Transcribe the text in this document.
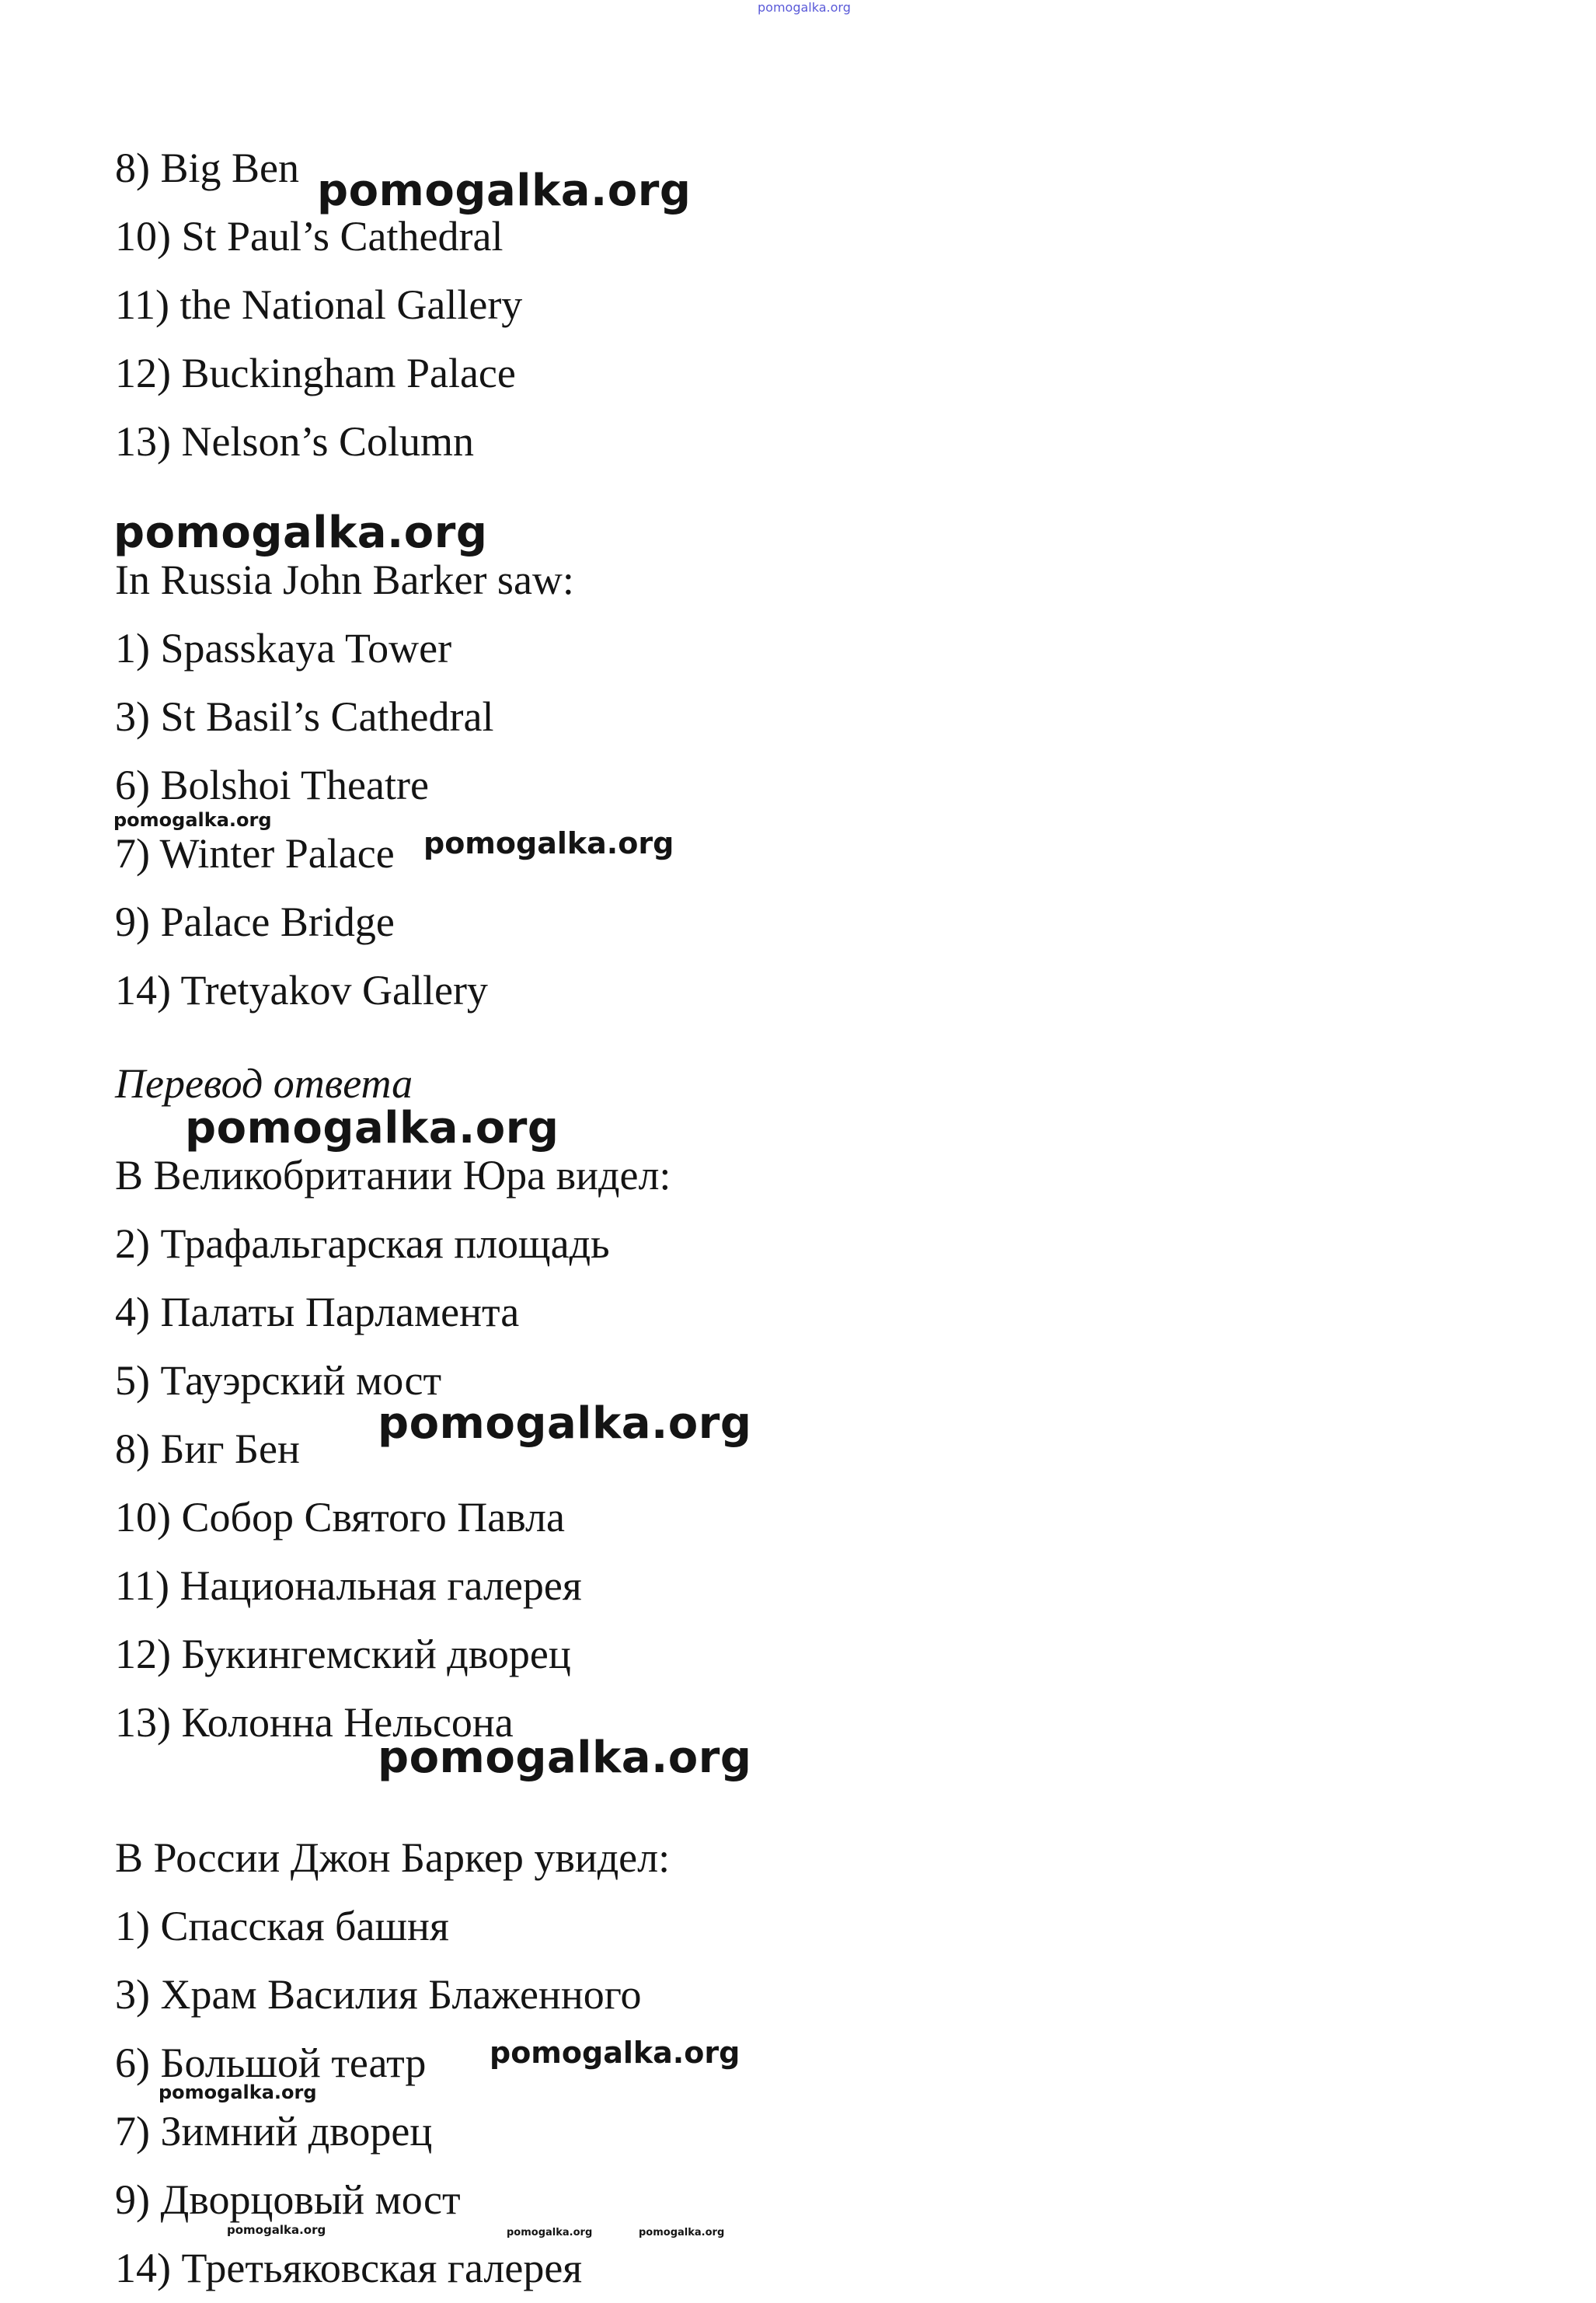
pomogalka.org

8) Big Ben

10) St Paul’s Cathedral

11) the National Gallery

12) Buckingham Palace

13) Nelson’s Column

pomogalka.org

pomogalka.org

In Russia John Barker saw:

1) Spasskaya Tower

3) St Basil’s Cathedral

6) Bolshoi Theatre

7) Winter Palace

9) Palace Bridge

14) Tretyakov Gallery

pomogalka.org

pomogalka.org

Перевод ответа

pomogalka.org

В Великобритании Юра видел:

2) Трафальгарская площадь

4) Палаты Парламента

5) Тауэрский мост

8) Биг Бен

10) Собор Святого Павла

11) Национальная галерея

12) Букингемский дворец

13) Колонна Нельсона

pomogalka.org

pomogalka.org

В России Джон Баркер увидел:

1) Спасская башня

3) Храм Василия Блаженного

6) Большой театр

7) Зимний дворец

9) Дворцовый мост

14) Третьяковская галерея

pomogalka.org

pomogalka.org

pomogalka.org	pomogalka.org	pomogalka.org
